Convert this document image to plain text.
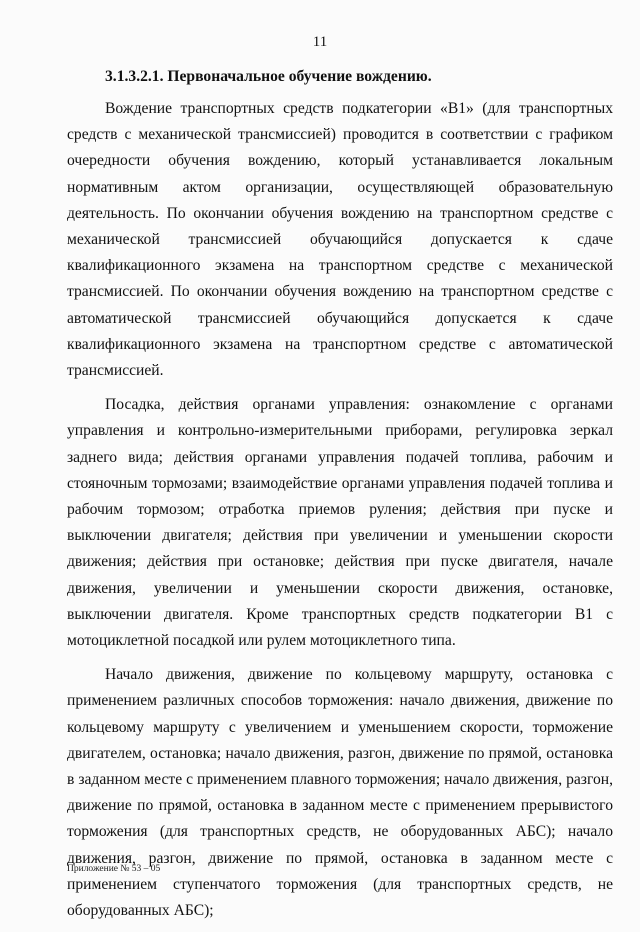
11
3.1.3.2.1. Первоначальное обучение вождению.

Вождение транспортных средств подкатегории «B1» (для транспортных средств с механической трансмиссией) проводится в соответствии с графиком очередности обучения вождению, который устанавливается локальным нормативным актом организации, осуществляющей образовательную деятельность. По окончании обучения вождению на транспортном средстве с механической трансмиссией обучающийся допускается к сдаче квалификационного экзамена на транспортном средстве с механической трансмиссией. По окончании обучения вождению на транспортном средстве с автоматической трансмиссией обучающийся допускается к сдаче квалификационного экзамена на транспортном средстве с автоматической трансмиссией.

Посадка, действия органами управления: ознакомление с органами управления и контрольно-измерительными приборами, регулировка зеркал заднего вида; действия органами управления подачей топлива, рабочим и стояночным тормозами; взаимодействие органами управления подачей топлива и рабочим тормозом; отработка приемов руления; действия при пуске и выключении двигателя; действия при увеличении и уменьшении скорости движения; действия при остановке; действия при пуске двигателя, начале движения, увеличении и уменьшении скорости движения, остановке, выключении двигателя. Кроме транспортных средств подкатегории B1 с мотоциклетной посадкой или рулем мотоциклетного типа.

Начало движения, движение по кольцевому маршруту, остановка с применением различных способов торможения: начало движения, движение по кольцевому маршруту с увеличением и уменьшением скорости, торможение двигателем, остановка; начало движения, разгон, движение по прямой, остановка в заданном месте с применением плавного торможения; начало движения, разгон, движение по прямой, остановка в заданном месте с применением прерывистого торможения (для транспортных средств, не оборудованных АБС); начало движения, разгон, движение по прямой, остановка в заданном месте с применением ступенчатого торможения (для транспортных средств, не оборудованных АБС);

Приложение № 53 – 05
